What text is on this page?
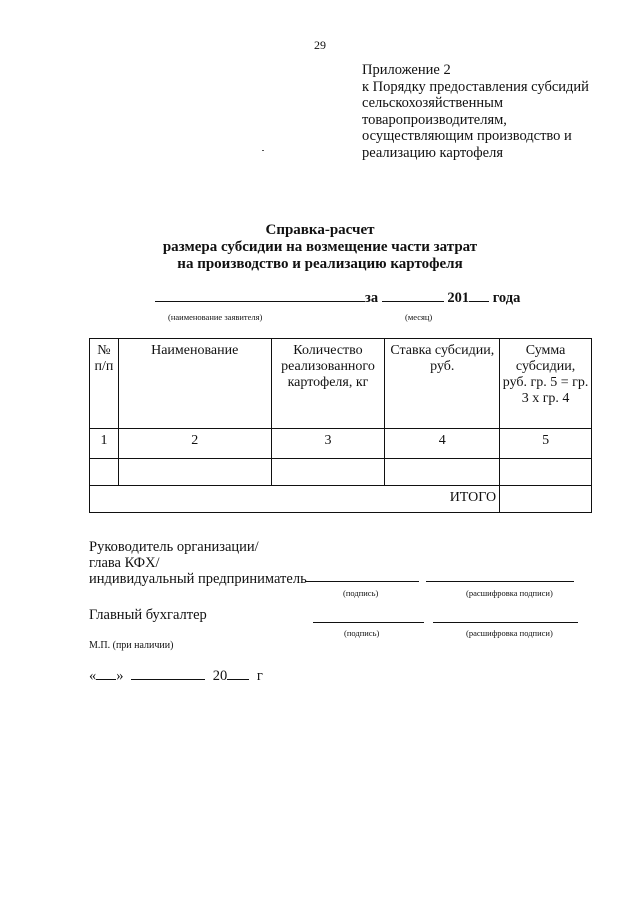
29
Приложение 2
к Порядку предоставления субсидий
сельскохозяйственным
товаропроизводителям,
осуществляющим производство и
реализацию картофеля
Справка-расчет
размера субсидии на возмещение части затрат
на производство и реализацию картофеля
за	201 года
(наименование заявителя)	(месяц)
№ п/п	Наименование	Количество реализованного картофеля, кг	Ставка субсидии, руб.	Сумма субсидии, руб. гр. 5 = гр. 3 x гр. 4
1	2	3	4	5

ИТОГО				
Руководитель организации/
глава КФХ/
индивидуальный предприниматель
(подпись)	(расшифровка подписи)
Главный бухгалтер
(подпись)	(расшифровка подписи)
М.П. (при наличии)
« »	20 г
